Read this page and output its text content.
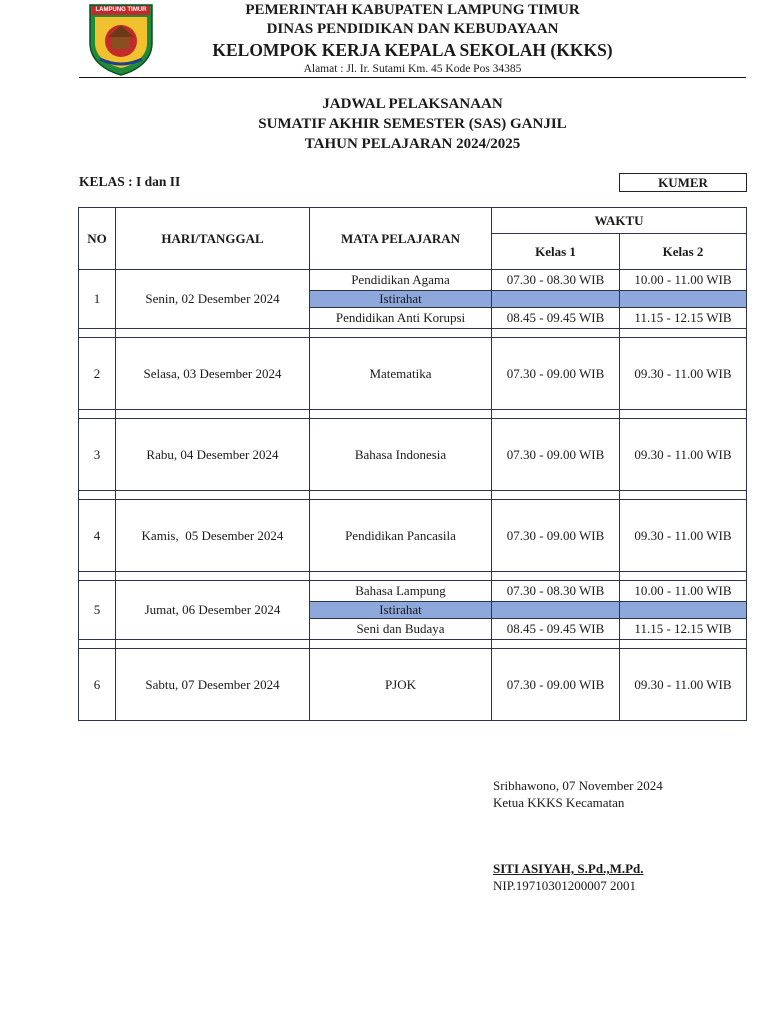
LAMPUNG TIMUR	PEMERINTAH KABUPATEN LAMPUNG TIMUR
DINAS PENDIDIKAN DAN KEBUDAYAAN
KELOMPOK KERJA KEPALA SEKOLAH (KKKS)
Alamat : Jl. Ir. Sutami Km. 45 Kode Pos 34385
JADWAL PELAKSANAAN
SUMATIF AKHIR SEMESTER (SAS) GANJIL
TAHUN PELAJARAN 2024/2025
KELAS : I dan II	KUMER
NO	HARI/TANGGAL	MATA PELAJARAN	WAKTU	
			Kelas 1	Kelas 2
1	Senin, 02 Desember 2024	Pendidikan Agama	07.30 - 08.30 WIB	10.00 - 11.00 WIB
		Istirahat		
		Pendidikan Anti Korupsi	08.45 - 09.45 WIB	11.15 - 12.15 WIB

2	Selasa, 03 Desember 2024	Matematika	07.30 - 09.00 WIB	09.30 - 11.00 WIB

3	Rabu, 04 Desember 2024	Bahasa Indonesia	07.30 - 09.00 WIB	09.30 - 11.00 WIB

4	Kamis,  05 Desember 2024	Pendidikan Pancasila	07.30 - 09.00 WIB	09.30 - 11.00 WIB

5	Jumat, 06 Desember 2024	Bahasa Lampung	07.30 - 08.30 WIB	10.00 - 11.00 WIB
		Istirahat		
		Seni dan Budaya	08.45 - 09.45 WIB	11.15 - 12.15 WIB

6	Sabtu, 07 Desember 2024	PJOK	07.30 - 09.00 WIB	09.30 - 11.00 WIB
Sribhawono, 07 November 2024
Ketua KKKS Kecamatan
SITI ASIYAH, S.Pd.,M.Pd.
NIP.19710301200007 2001
